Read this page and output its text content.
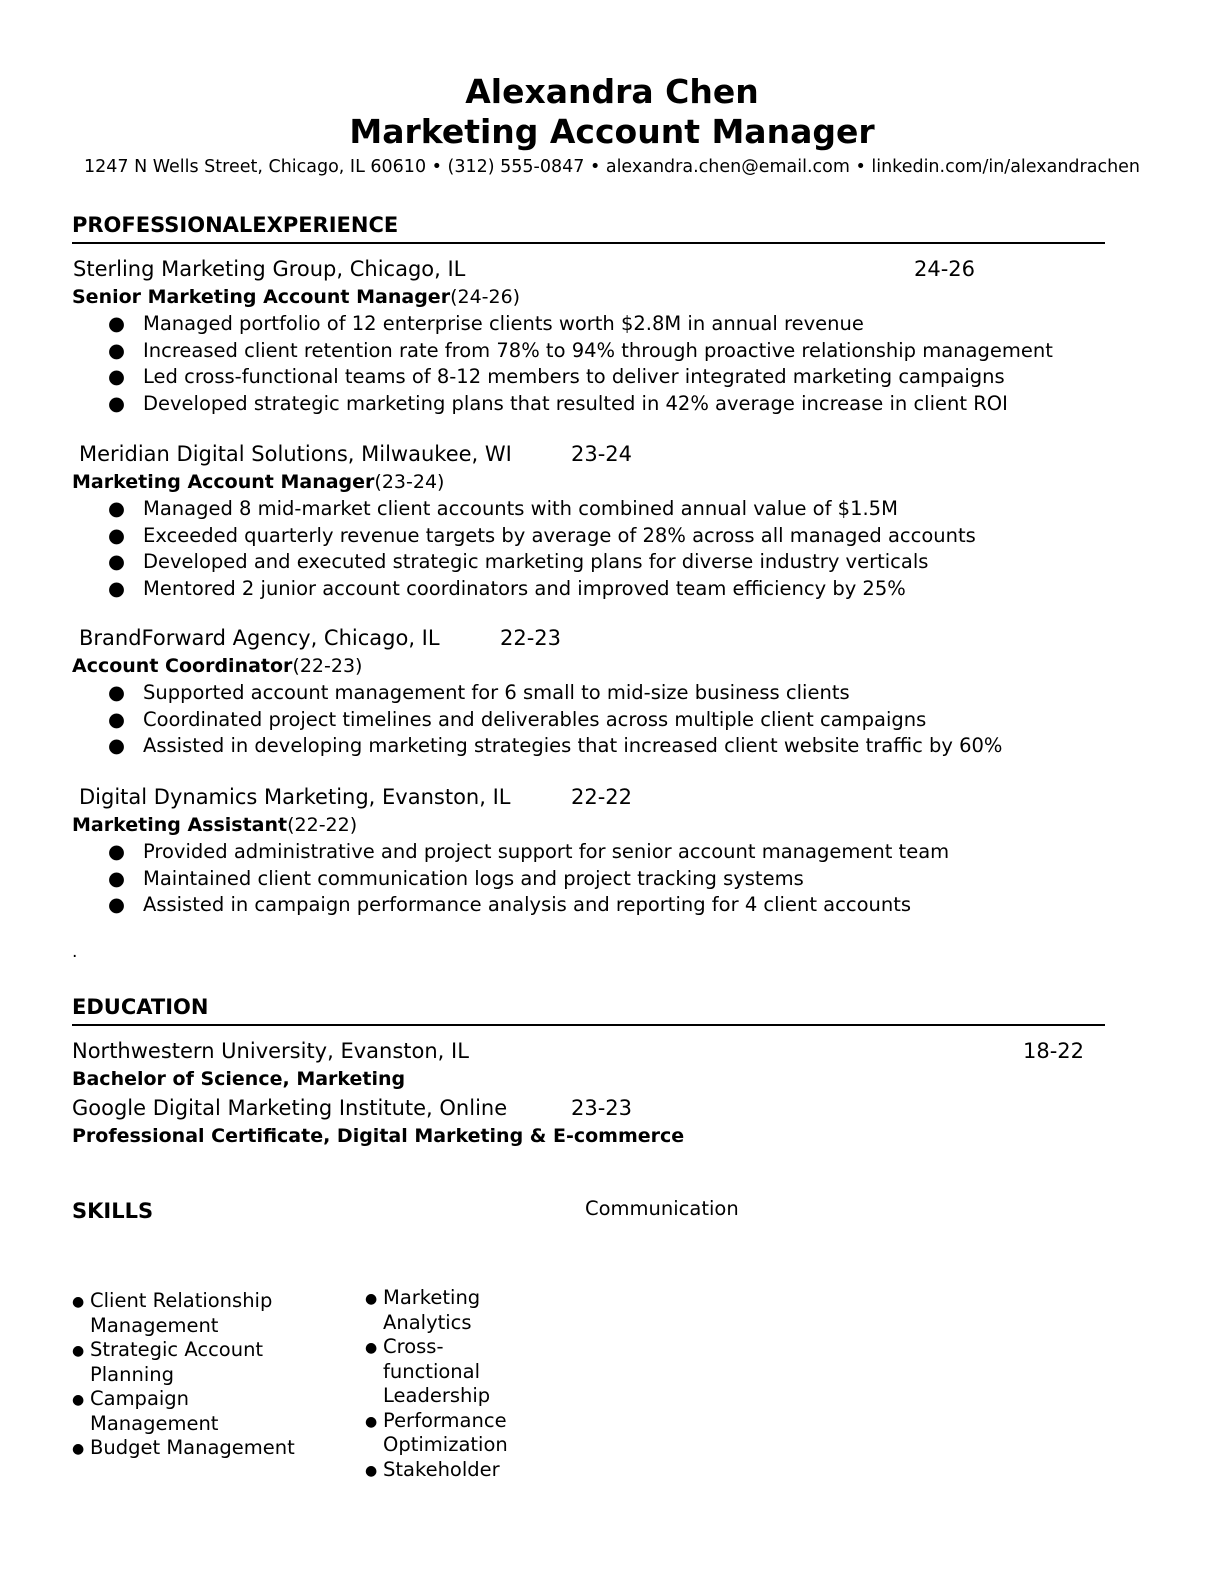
Alexandra Chen
Marketing Account Manager
1247 N Wells Street, Chicago, IL 60610 • (312) 555-0847 • alexandra.chen@email.com • linkedin.com/in/alexandrachen
PROFESSIONALEXPERIENCE
Sterling Marketing Group, Chicago, IL	24-26
Senior Marketing Account Manager(24-26)
● Managed portfolio of 12 enterprise clients worth $2.8M in annual revenue
● Increased client retention rate from 78% to 94% through proactive relationship management
● Led cross-functional teams of 8-12 members to deliver integrated marketing campaigns
● Developed strategic marketing plans that resulted in 42% average increase in client ROI
Meridian Digital Solutions, Milwaukee, WI	23-24
Marketing Account Manager(23-24)
● Managed 8 mid-market client accounts with combined annual value of $1.5M
● Exceeded quarterly revenue targets by average of 28% across all managed accounts
● Developed and executed strategic marketing plans for diverse industry verticals
● Mentored 2 junior account coordinators and improved team efficiency by 25%
BrandForward Agency, Chicago, IL	22-23
Account Coordinator(22-23)
● Supported account management for 6 small to mid-size business clients
● Coordinated project timelines and deliverables across multiple client campaigns
● Assisted in developing marketing strategies that increased client website traffic by 60%
Digital Dynamics Marketing, Evanston, IL	22-22
Marketing Assistant(22-22)
● Provided administrative and project support for senior account management team
● Maintained client communication logs and project tracking systems
● Assisted in campaign performance analysis and reporting for 4 client accounts
.
EDUCATION
Northwestern University, Evanston, IL	18-22
Bachelor of Science, Marketing
Google Digital Marketing Institute, Online	23-23
Professional Certificate, Digital Marketing & E-commerce
SKILLS	Communication
● Client Relationship Management
● Strategic Account Planning
● Campaign Management
● Budget Management
● Marketing Analytics
● Cross-functional Leadership
● Performance Optimization
● Stakeholder
